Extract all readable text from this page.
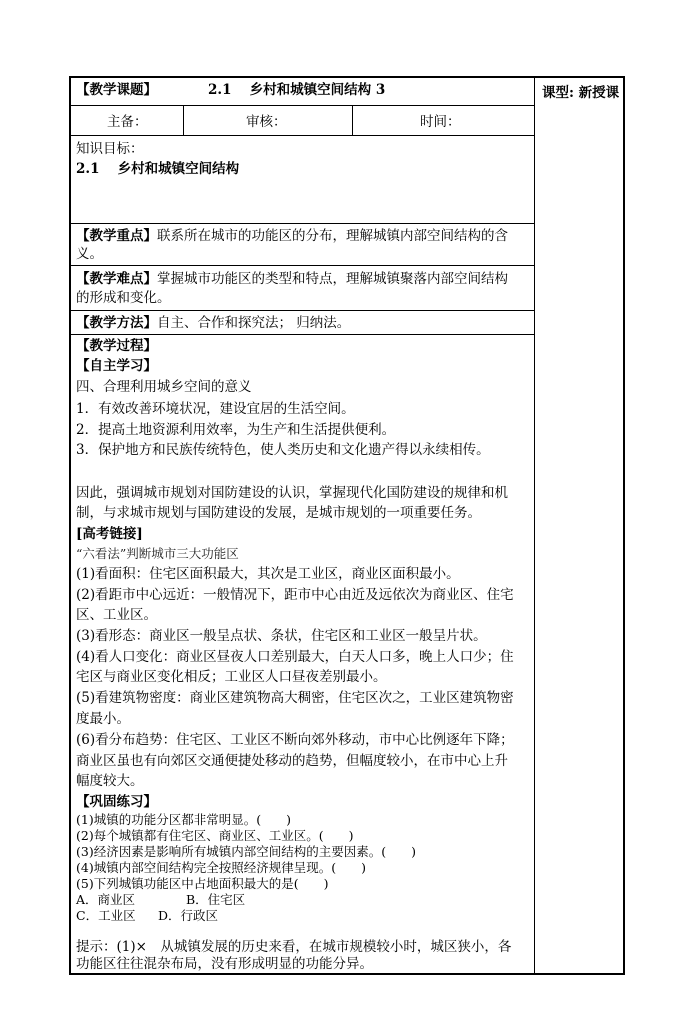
【教学课题】	2.1　 乡村和城镇空间结构 3	课型: 新授课
主备：	审核：	时间：
知识目标：
2.1　 乡村和城镇空间结构
【教学重点】联系所在城市的功能区的分布，理解城镇内部空间结构的含
义。
【教学难点】掌握城市功能区的类型和特点，理解城镇聚落内部空间结构
的形成和变化。
【教学方法】自主、合作和探究法； 归纳法。
【教学过程】
【自主学习】
四、合理利用城乡空间的意义
1．有效改善环境状况，建设宜居的生活空间。
2．提高土地资源利用效率，为生产和生活提供便利。
3．保护地方和民族传统特色，使人类历史和文化遗产得以永续相传。
因此，强调城市规划对国防建设的认识，掌握现代化国防建设的规律和机
制，与求城市规划与国防建设的发展，是城市规划的一项重要任务。
[高考链接]
“六看法”判断城市三大功能区
(1)看面积：住宅区面积最大，其次是工业区，商业区面积最小。
(2)看距市中心远近：一般情况下，距市中心由近及远依次为商业区、住宅
区、工业区。
(3)看形态：商业区一般呈点状、条状，住宅区和工业区一般呈片状。
(4)看人口变化：商业区昼夜人口差别最大，白天人口多，晚上人口少；住
宅区与商业区变化相反；工业区人口昼夜差别最小。
(5)看建筑物密度：商业区建筑物高大稠密，住宅区次之，工业区建筑物密
度最小。
(6)看分布趋势：住宅区、工业区不断向郊外移动，市中心比例逐年下降；
商业区虽也有向郊区交通便捷处移动的趋势，但幅度较小，在市中心上升
幅度较大。
【巩固练习】
(1)城镇的功能分区都非常明显。(　　)
(2)每个城镇都有住宅区、商业区、工业区。(　　)
(3)经济因素是影响所有城镇内部空间结构的主要因素。(　　)
(4)城镇内部空间结构完全按照经济规律呈现。(　　)
(5)下列城镇功能区中占地面积最大的是(　　)
A．商业区	B．住宅区
C．工业区 D．行政区
提示：(1)×　从城镇发展的历史来看，在城市规模较小时，城区狭小，各
功能区往往混杂布局，没有形成明显的功能分异。
